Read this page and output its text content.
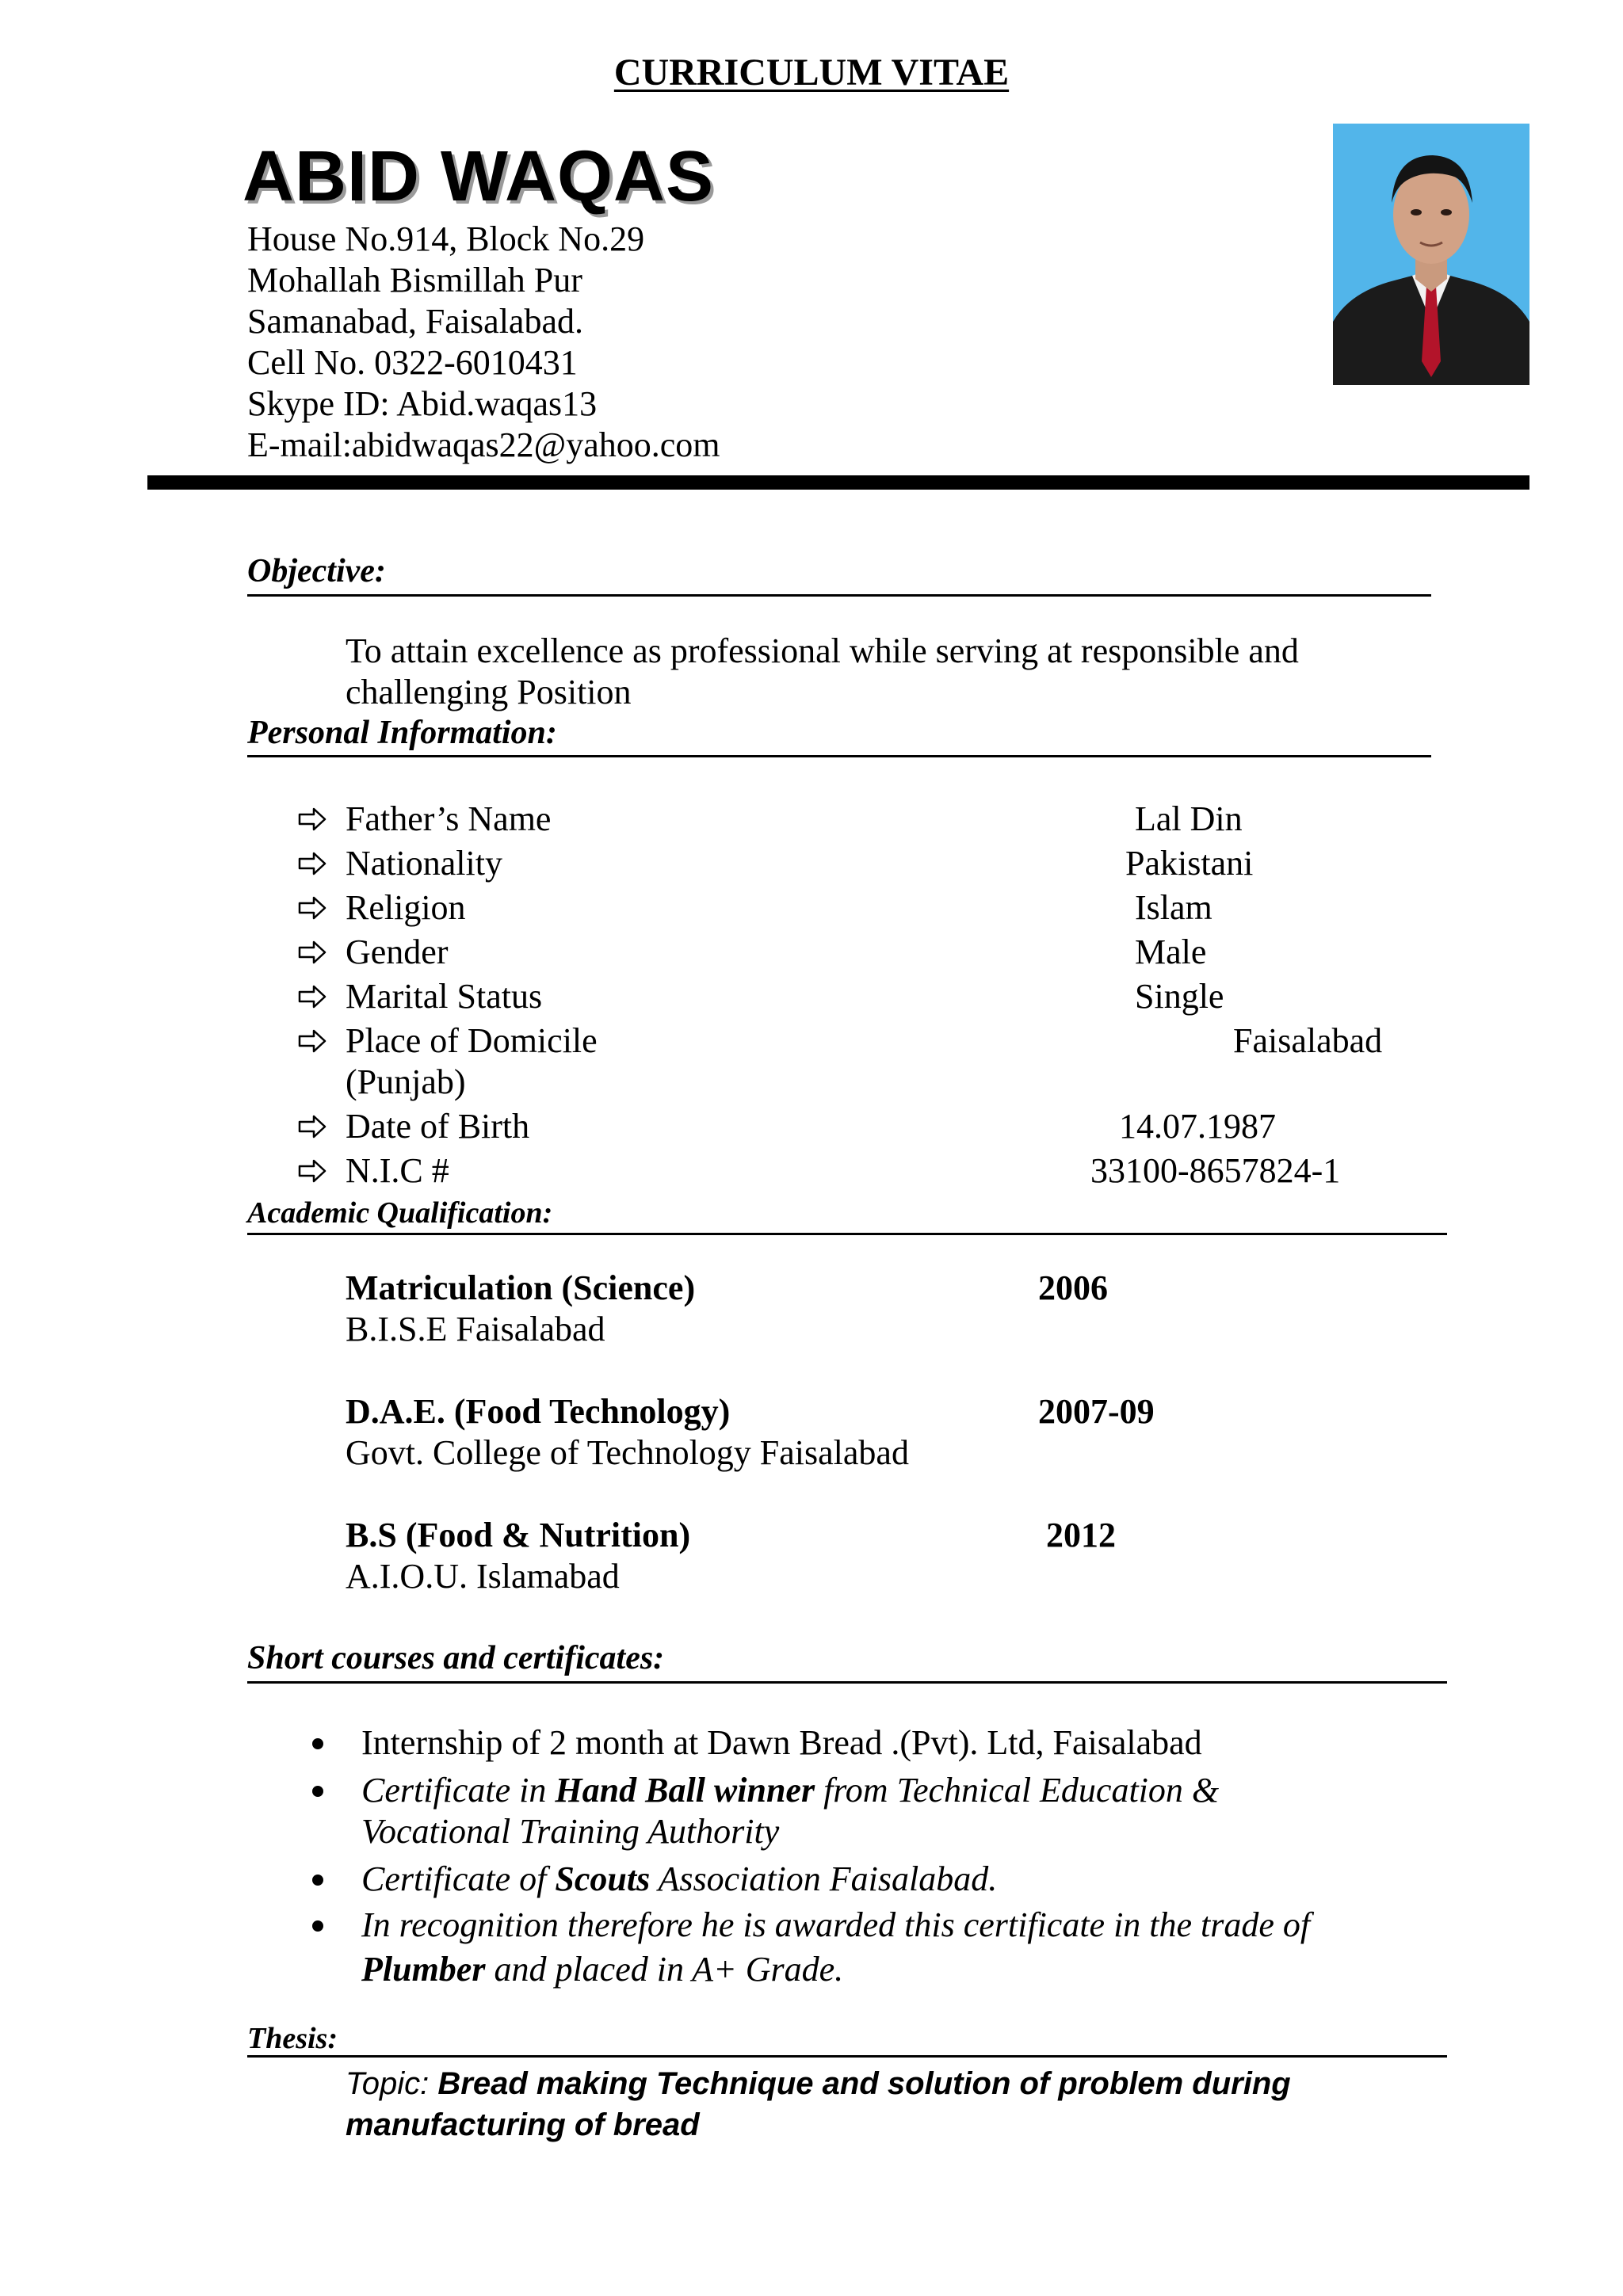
CURRICULUM VITAE
ABID WAQAS
House No.914, Block No.29
Mohallah Bismillah Pur
Samanabad, Faisalabad.
Cell No. 0322-6010431
Skype ID: Abid.waqas13
E-mail:abidwaqas22@yahoo.com
Objective:
To attain excellence as professional while serving at responsible and
challenging Position
Personal Information:
Father’s Name	Lal Din
Nationality	Pakistani
Religion	Islam
Gender	Male
Marital Status	Single
Place of Domicile	Faisalabad
(Punjab)
Date of Birth	14.07.1987
N.I.C #	33100-8657824-1
Academic Qualification:
Matriculation (Science)	2006
B.I.S.E Faisalabad
D.A.E. (Food Technology)	2007-09
Govt. College of Technology Faisalabad
B.S (Food & Nutrition)	2012
A.I.O.U. Islamabad
Short courses and certificates:
Internship of 2 month at Dawn Bread .(Pvt). Ltd, Faisalabad
Certificate in Hand Ball winner from Technical Education &
Vocational Training Authority
Certificate of Scouts Association Faisalabad.
In recognition therefore he is awarded this certificate in the trade of
Plumber and placed in A+ Grade.
Thesis:
Topic: Bread making Technique and solution of problem during
manufacturing of bread
